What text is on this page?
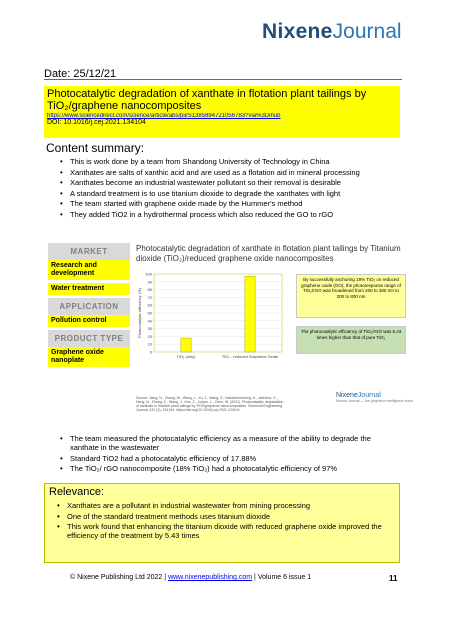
NixeneJournal
Date: 25/12/21
Photocatalytic degradation of xanthate in flotation plant tailings by TiO₂/graphene nanocomposites
https://www.sciencedirect.com/science/article/abs/pii/S1385894721056783?via%3Dihub
DOI: 10.1016/j.cej.2021.134104
Content summary:
• This is work done by a team from Shandong University of Technology in China
• Xanthates are salts of xanthic acid and are used as a flotation aid in mineral processing
• Xanthates become an industrial wastewater pollutant so their removal is desirable
• A standard treatment is to use titanium dioxide to degrade the xanthates with light
• The team started with graphene oxide made by the Hummer's method
• They added TiO2 in a hydrothermal process which also reduced the GO to rGO
MARKET
Research and development
Water treatment
APPLICATION
Pollution control
PRODUCT TYPE
Graphene oxide nanoplate
Photocatalytic degradation of xanthate in flotation plant tailings by Titanium dioxide (TiO₂)/reduced graphene oxide nanocomposites
0
10
20
30
40
50
60
70
80
90
100
Photocatalytic efficiency (%)
TiO₂ (only)	TiO₂ - reduced Graphene Oxide
By successfully anchoring 18% TiO₂ on reduced graphene oxide (GO), the photoresponse range of TiO₂/rGO was broadened from 200 to 380 nm to 200 to 800 nm
The photocatalytic efficiency of TiO₂/rGO was 5.43 times higher than that of pure TiO₂
Source: Jiang, N., Zhang, W., Wang, J., Xu, J., Wang, S., Nakachinehrang, A., Jaeheon, S., Heng, N., Zhang, K., Wang, J., Kim, Z., Junjon, L., Chen, W. (2021). Photocatalytic degradation of xanthate in flotation plant tailings by TiO2/graphene nanocomposites. Chemical Engineering Journal, 431 (2), 134104. https://doi.org/10.1016/j.cej.2021.134104
NixeneJournal
Nixene Journal — the graphene intelligence team
• The team measured the photocatalytic efficiency as a measure of the ability to degrade the xanthate in the wastewater
• Standard TiO2 had a photocatalytic efficiency of 17.88%
• The TiO₂/ rGO nanocomposite (18% TiO₂) had a photocatalytic efficiency of 97%
Relevance:
• Xanthates are a pollutant in industrial wastewater from mining processing
• One of the standard treatment methods uses titanium dioxide
• This work found that enhancing the titanium dioxide with reduced graphene oxide improved the efficiency of the treatment by 5.43 times
© Nixene Publishing Ltd 2022 | www.nixenepublishing.com | Volume 6 issue 1	11
